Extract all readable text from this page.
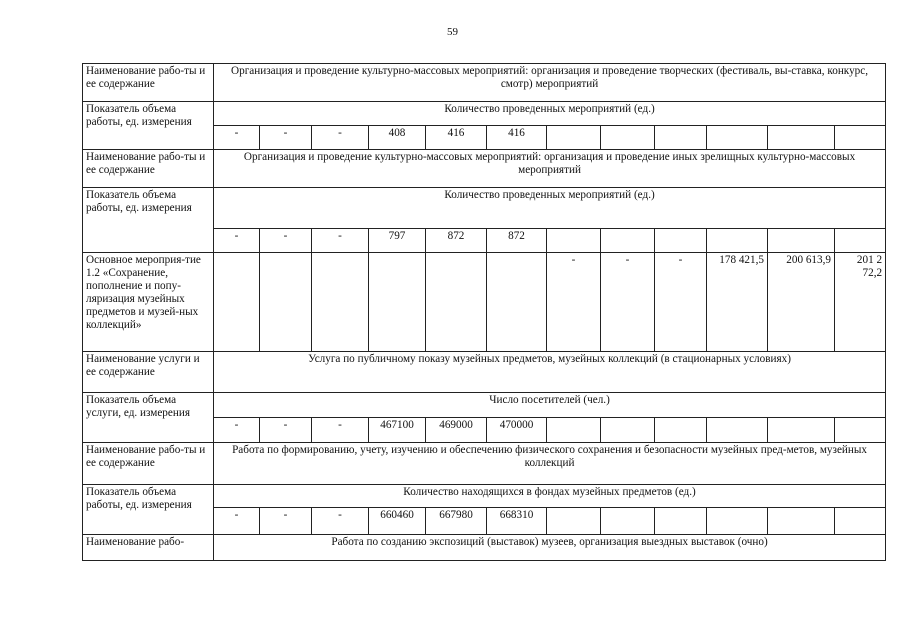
59
Наименование рабо-ты и ее содержание	Организация и проведение культурно-массовых мероприятий: организация и проведение творческих (фестиваль, вы-ставка, конкурс, смотр) мероприятий											
Показатель объема работы, ед. измерения	Количество проведенных мероприятий (ед.)											
	-	-	-	408	416	416						
Наименование рабо-ты и ее содержание	Организация и проведение культурно-массовых мероприятий: организация и проведение иных зрелищных культурно-массовых мероприятий											
Показатель объема работы, ед. измерения	Количество проведенных мероприятий (ед.)											
	-	-	-	797	872	872						
Основное мероприя-тие 1.2 «Сохранение, пополнение и попу-ляризация музейных предметов и музей-ных коллекций»							-	-	-	178 421,5	200 613,9	201 2 72,2
Наименование услуги и ее содержание	Услуга по публичному показу музейных предметов, музейных коллекций (в стационарных условиях)											
Показатель объема услуги, ед. измерения	Число посетителей (чел.)											
	-	-	-	467100	469000	470000						
Наименование рабо-ты и ее содержание	Работа по формированию, учету, изучению и обеспечению физического сохранения и безопасности музейных пред-метов, музейных коллекций											
Показатель объема работы, ед. измерения	Количество находящихся в фондах музейных предметов (ед.)											
	-	-	-	660460	667980	668310						
Наименование рабо-	Работа по созданию экспозиций (выставок) музеев, организация выездных выставок (очно)											
